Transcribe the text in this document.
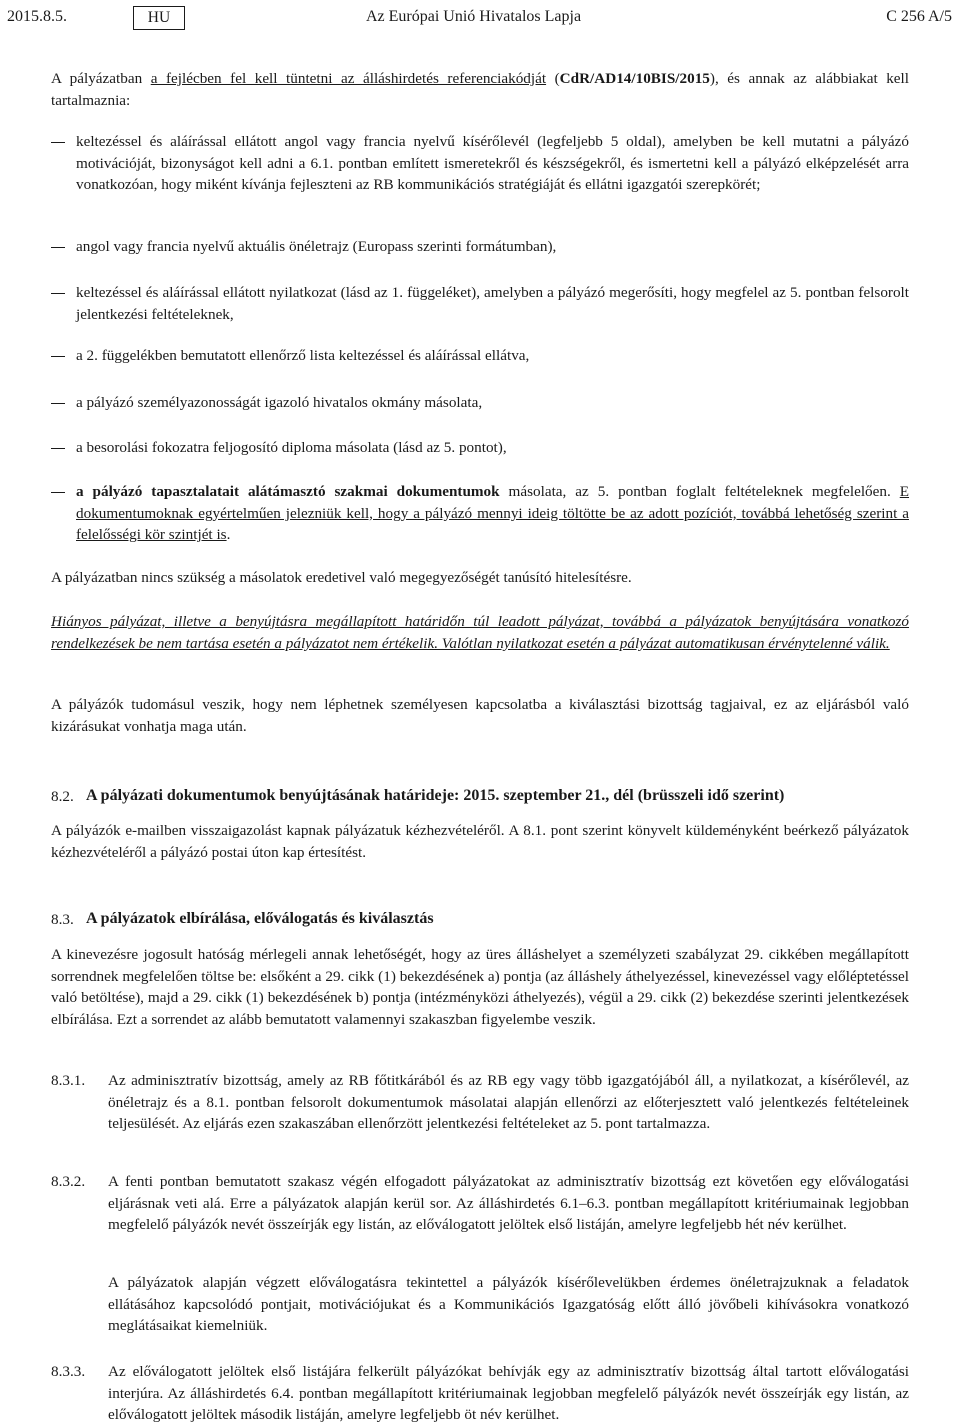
2015.8.5.	HU	Az Európai Unió Hivatalos Lapja	C 256 A/5
A pályázatban a fejlécben fel kell tüntetni az álláshirdetés referenciakódját (CdR/AD14/10BIS/2015), és annak az alábbiakat kell tartalmaznia:
keltezéssel és aláírással ellátott angol vagy francia nyelvű kísérőlevél (legfeljebb 5 oldal), amelyben be kell mutatni a pályázó motivációját, bizonyságot kell adni a 6.1. pontban említett ismeretekről és készségekről, és ismertetni kell a pályázó elképzelését arra vonatkozóan, hogy miként kívánja fejleszteni az RB kommunikációs stratégiáját és ellátni igazgatói szerepkörét;
angol vagy francia nyelvű aktuális önéletrajz (Europass szerinti formátumban),
keltezéssel és aláírással ellátott nyilatkozat (lásd az 1. függeléket), amelyben a pályázó megerősíti, hogy megfelel az 5. pontban felsorolt jelentkezési feltételeknek,
a 2. függelékben bemutatott ellenőrző lista keltezéssel és aláírással ellátva,
a pályázó személyazonosságát igazoló hivatalos okmány másolata,
a besorolási fokozatra feljogosító diploma másolata (lásd az 5. pontot),
a pályázó tapasztalatait alátámasztó szakmai dokumentumok másolata, az 5. pontban foglalt feltételeknek megfelelően. E dokumentumoknak egyértelműen jelezniük kell, hogy a pályázó mennyi ideig töltötte be az adott pozíciót, továbbá lehetőség szerint a felelősségi kör szintjét is.
A pályázatban nincs szükség a másolatok eredetivel való megegyezőségét tanúsító hitelesítésre.
Hiányos pályázat, illetve a benyújtásra megállapított határidőn túl leadott pályázat, továbbá a pályázatok benyújtására vonatkozó rendelkezések be nem tartása esetén a pályázatot nem értékelik. Valótlan nyilatkozat esetén a pályázat automatikusan érvénytelenné válik.
A pályázók tudomásul veszik, hogy nem léphetnek személyesen kapcsolatba a kiválasztási bizottság tagjaival, ez az eljárásból való kizárásukat vonhatja maga után.
8.2. A pályázati dokumentumok benyújtásának határideje: 2015. szeptember 21., dél (brüsszeli idő szerint)
A pályázók e-mailben visszaigazolást kapnak pályázatuk kézhezvételéről. A 8.1. pont szerint könyvelt küldeményként beérkező pályázatok kézhezvételéről a pályázó postai úton kap értesítést.
8.3. A pályázatok elbírálása, előválogatás és kiválasztás
A kinevezésre jogosult hatóság mérlegeli annak lehetőségét, hogy az üres álláshelyet a személyzeti szabályzat 29. cikkében megállapított sorrendnek megfelelően töltse be: elsőként a 29. cikk (1) bekezdésének a) pontja (az álláshely áthelyezéssel, kinevezéssel vagy előléptetéssel való betöltése), majd a 29. cikk (1) bekezdésének b) pontja (intézményközi áthelyezés), végül a 29. cikk (2) bekezdése szerinti jelentkezések elbírálása. Ezt a sorrendet az alább bemutatott valamennyi szakaszban figyelembe veszik.
8.3.1. Az adminisztratív bizottság, amely az RB főtitkárából és az RB egy vagy több igazgatójából áll, a nyilatkozat, a kísérőlevél, az önéletrajz és a 8.1. pontban felsorolt dokumentumok másolatai alapján ellenőrzi az előterjesztett való jelentkezés feltételeinek teljesülését. Az eljárás ezen szakaszában ellenőrzött jelentkezési feltételeket az 5. pont tartalmazza.
8.3.2. A fenti pontban bemutatott szakasz végén elfogadott pályázatokat az adminisztratív bizottság ezt követően egy előválogatási eljárásnak veti alá. Erre a pályázatok alapján kerül sor. Az álláshirdetés 6.1–6.3. pontban megállapított kritériumainak legjobban megfelelő pályázók nevét összeírják egy listán, az előválogatott jelöltek első listáján, amelyre legfeljebb hét név kerülhet.
A pályázatok alapján végzett előválogatásra tekintettel a pályázók kísérőlevelükben érdemes önéletrajzuknak a feladatok ellátásához kapcsolódó pontjait, motivációjukat és a Kommunikációs Igazgatóság előtt álló jövőbeli kihívásokra vonatkozó meglátásaikat kiemelniük.
8.3.3. Az előválogatott jelöltek első listájára felkerült pályázókat behívják egy az adminisztratív bizottság által tartott előválogatási interjúra. Az álláshirdetés 6.4. pontban megállapított kritériumainak legjobban megfelelő pályázók nevét összeírják egy listán, az előválogatott jelöltek második listáján, amelyre legfeljebb öt név kerülhet.
